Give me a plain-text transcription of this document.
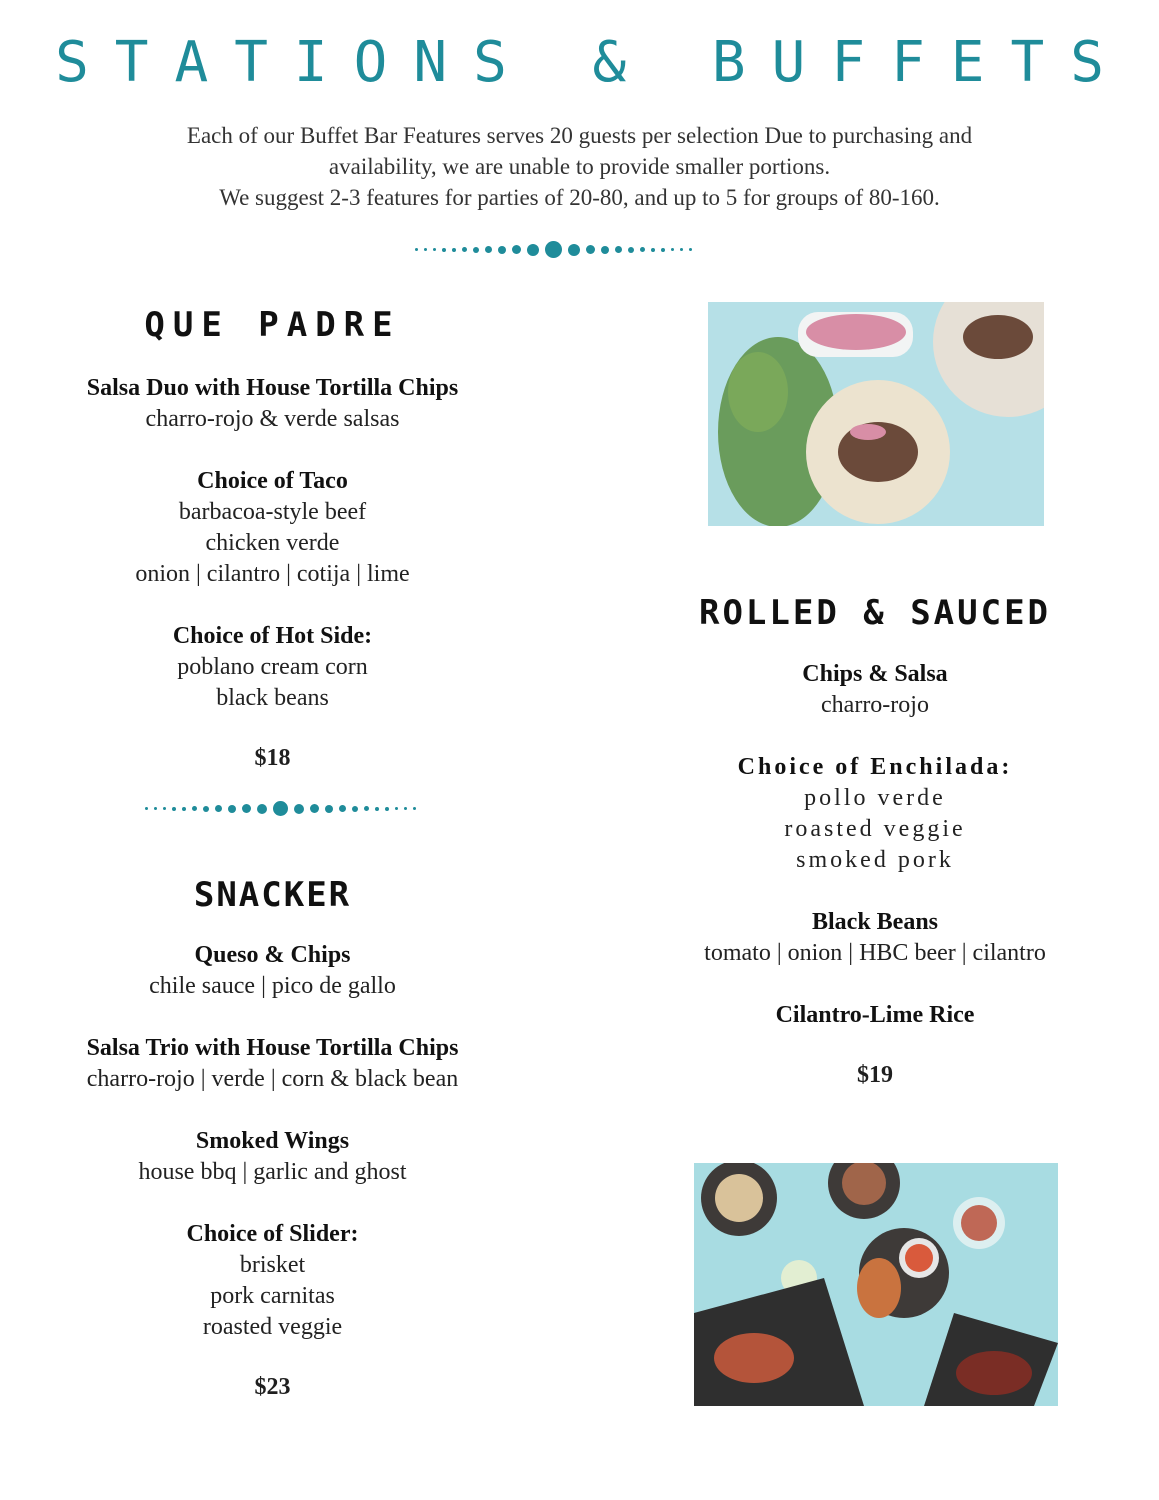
STATIONS & BUFFETS

Each of our Buffet Bar Features serves 20 guests per selection Due to purchasing and

availability, we are unable to provide smaller portions.

We suggest 2-3 features for parties of 20-80, and up to 5 for groups of 80-160.

QUE PADRE
Salsa Duo with House Tortilla Chips
charro-rojo & verde salsas
Choice of Taco
barbacoa-style beef
chicken verde
onion | cilantro | cotija | lime
Choice of Hot Side:
poblano cream corn
black beans
$18
SNACKER
Queso & Chips
chile sauce | pico de gallo
Salsa Trio with House Tortilla Chips
charro-rojo | verde | corn & black bean
Smoked Wings
house bbq | garlic and ghost
Choice of Slider:
brisket
pork carnitas
roasted veggie
$23
ROLLED & SAUCED
Chips & Salsa
charro-rojo
Choice of Enchilada:
pollo verde
roasted veggie
smoked pork
Black Beans
tomato | onion | HBC beer | cilantro
Cilantro-Lime Rice
$19
